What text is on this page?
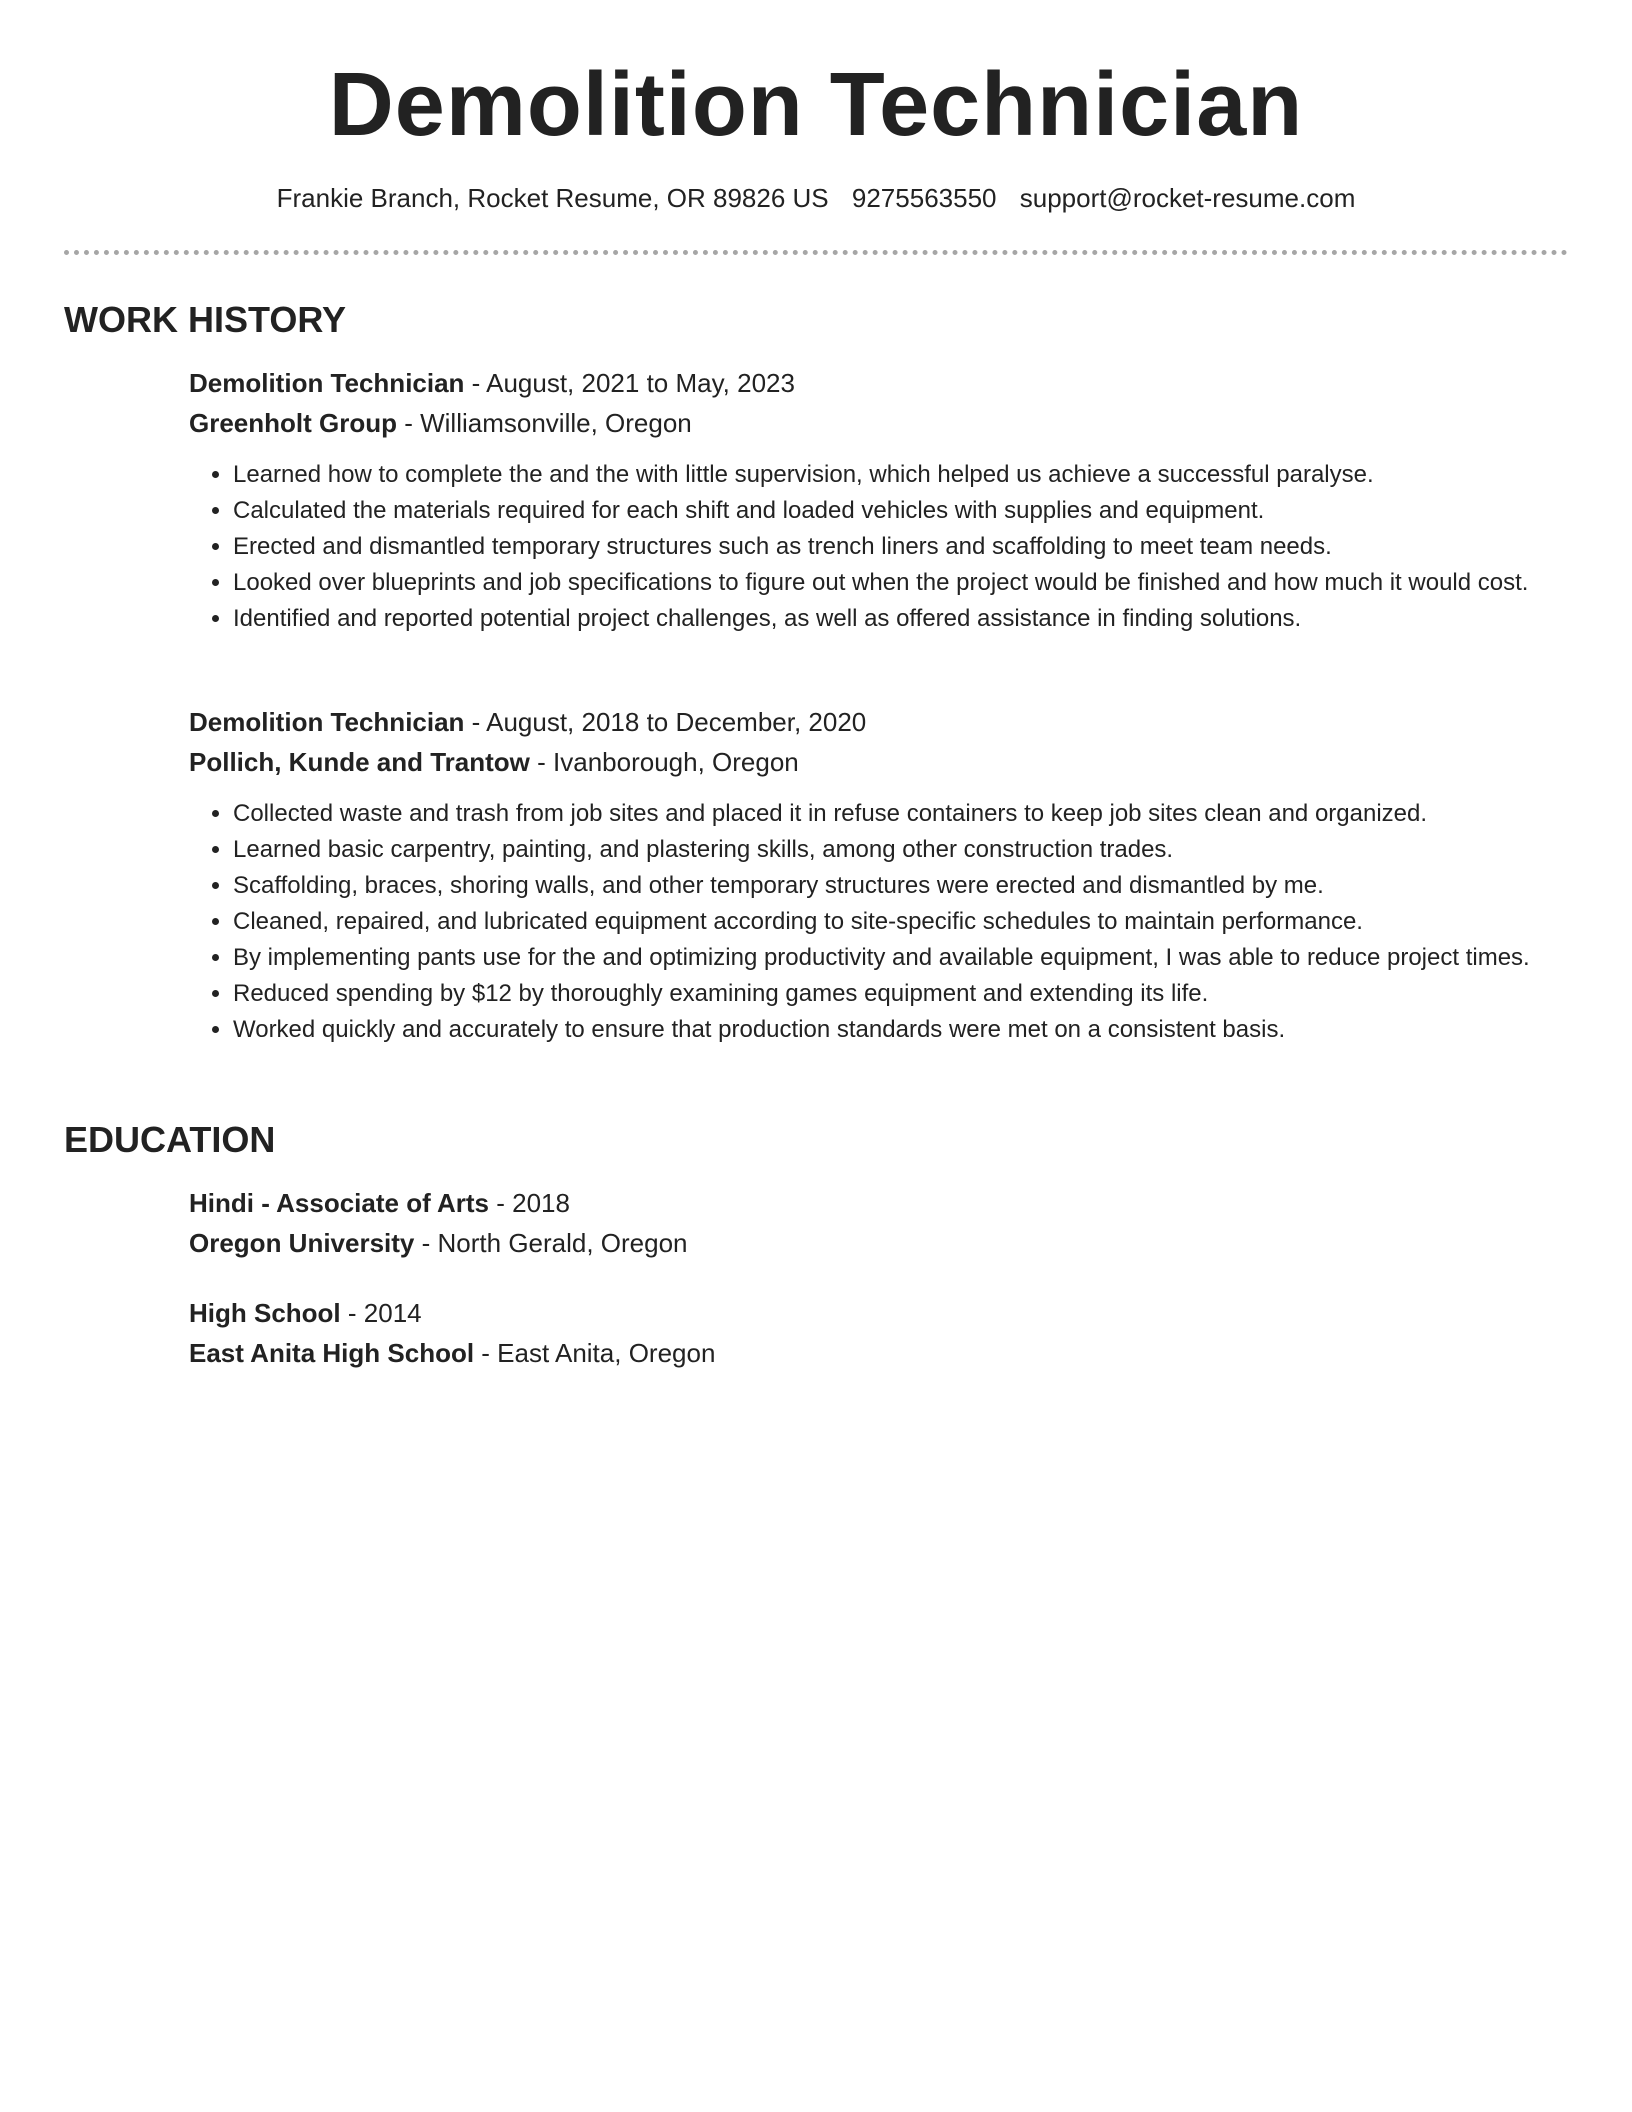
Demolition Technician
Frankie Branch, Rocket Resume, OR 89826 US 9275563550 support@rocket-resume.com
WORK HISTORY
Demolition Technician - August, 2021 to May, 2023
Greenholt Group - Williamsonville, Oregon
• Learned how to complete the and the with little supervision, which helped us achieve a successful paralyse.
• Calculated the materials required for each shift and loaded vehicles with supplies and equipment.
• Erected and dismantled temporary structures such as trench liners and scaffolding to meet team needs.
• Looked over blueprints and job specifications to figure out when the project would be finished and how much it would cost.
• Identified and reported potential project challenges, as well as offered assistance in finding solutions.
Demolition Technician - August, 2018 to December, 2020
Pollich, Kunde and Trantow - Ivanborough, Oregon
• Collected waste and trash from job sites and placed it in refuse containers to keep job sites clean and organized.
• Learned basic carpentry, painting, and plastering skills, among other construction trades.
• Scaffolding, braces, shoring walls, and other temporary structures were erected and dismantled by me.
• Cleaned, repaired, and lubricated equipment according to site-specific schedules to maintain performance.
• By implementing pants use for the and optimizing productivity and available equipment, I was able to reduce project times.
• Reduced spending by $12 by thoroughly examining games equipment and extending its life.
• Worked quickly and accurately to ensure that production standards were met on a consistent basis.
EDUCATION
Hindi - Associate of Arts - 2018
Oregon University - North Gerald, Oregon
High School - 2014
East Anita High School - East Anita, Oregon
